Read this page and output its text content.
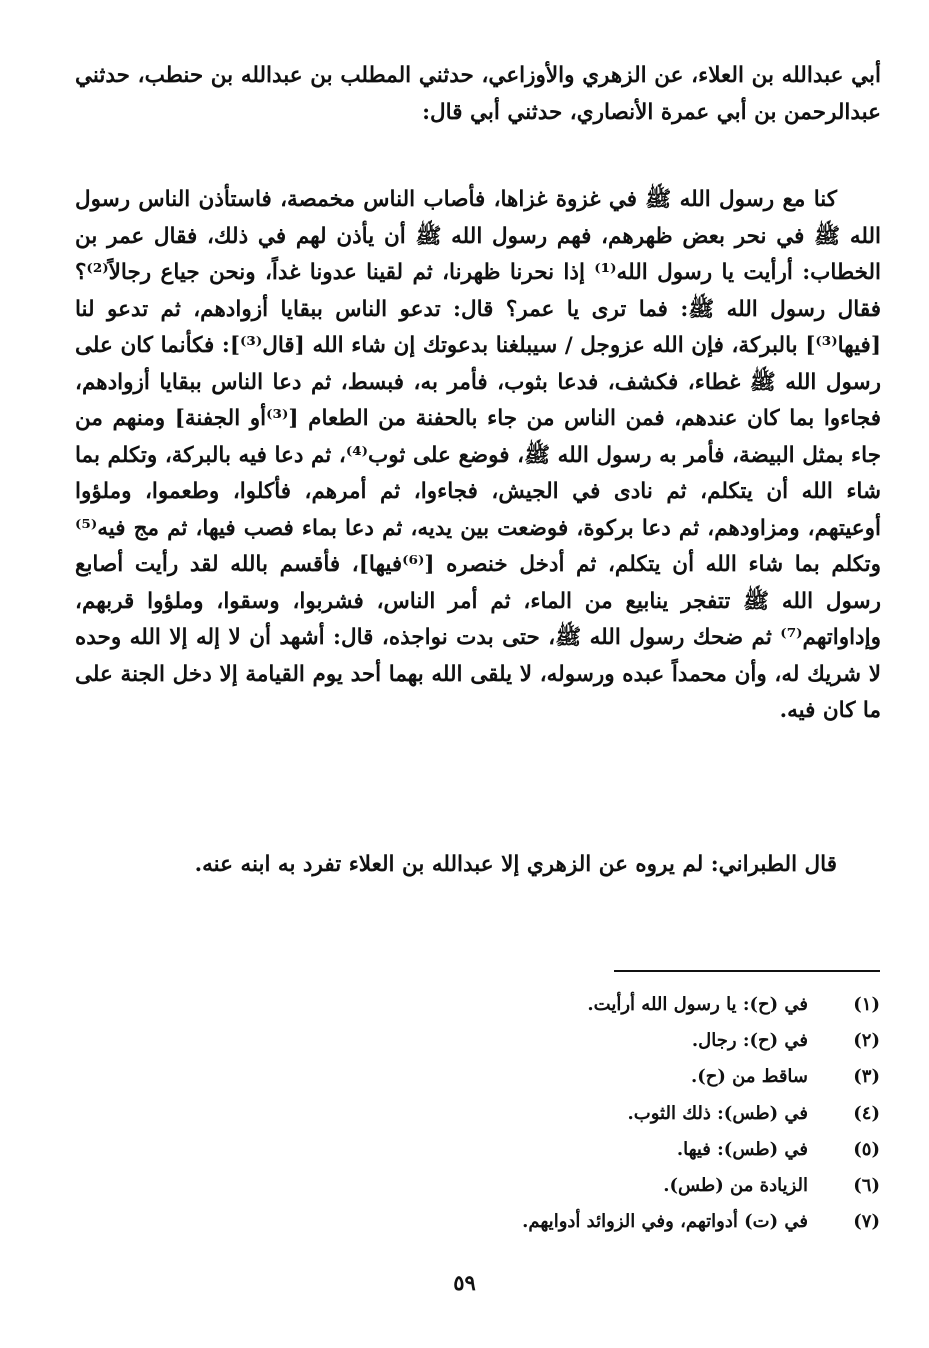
أبي عبدالله بن العلاء، عن الزهري والأوزاعي، حدثني المطلب بن عبدالله بن حنطب، حدثني عبدالرحمن بن أبي عمرة الأنصاري، حدثني أبي قال:

كنا مع رسول الله ﷺ في غزوة غزاها، فأصاب الناس مخمصة، فاستأذن الناس رسول الله ﷺ في نحر بعض ظهرهم، فهم رسول الله ﷺ أن يأذن لهم في ذلك، فقال عمر بن الخطاب: أرأيت يا رسول الله⁽¹⁾ إذا نحرنا ظهرنا، ثم لقينا عدونا غداً، ونحن جياع رجالاً⁽²⁾؟ فقال رسول الله ﷺ: فما ترى يا عمر؟ قال: تدعو الناس ببقايا أزوادهم، ثم تدعو لنا [فيها⁽³⁾] بالبركة، فإن الله عزوجل / سيبلغنا بدعوتك إن شاء الله [قال⁽³⁾]: فكأنما كان على رسول الله ﷺ غطاء، فكشف، فدعا بثوب، فأمر به، فبسط، ثم دعا الناس ببقايا أزوادهم، فجاءوا بما كان عندهم، فمن الناس من جاء بالحفنة من الطعام [⁽³⁾أو الجفنة] ومنهم من جاء بمثل البيضة، فأمر به رسول الله ﷺ، فوضع على ثوب⁽⁴⁾، ثم دعا فيه بالبركة، وتكلم بما شاء الله أن يتكلم، ثم نادى في الجيش، فجاءوا، ثم أمرهم، فأكلوا، وطعموا، وملؤوا أوعيتهم، ومزاودهم، ثم دعا بركوة، فوضعت بين يديه، ثم دعا بماء فصب فيها، ثم مج فيه⁽⁵⁾ وتكلم بما شاء الله أن يتكلم، ثم أدخل خنصره [⁽⁶⁾فيها]، فأقسم بالله لقد رأيت أصابع رسول الله ﷺ تتفجر ينابيع من الماء، ثم أمر الناس، فشربوا، وسقوا، وملؤوا قربهم، وإداواتهم⁽⁷⁾ ثم ضحك رسول الله ﷺ، حتى بدت نواجذه، قال: أشهد أن لا إله إلا الله وحده لا شريك له، وأن محمداً عبده ورسوله، لا يلقى الله بهما أحد يوم القيامة إلا دخل الجنة على ما كان فيه.

قال الطبراني: لم يروه عن الزهري إلا عبدالله بن العلاء تفرد به ابنه عنه.

(١)
في (ح): يا رسول الله أرأيت.
(٢)
في (ح): رجال.
(٣)
ساقط من (ح).
(٤)
في (طس): ذلك الثوب.
(٥)
في (طس): فيها.
(٦)
الزيادة من (طس).
(٧)
في (ت) أدواتهم، وفي الزوائد أدوايهم.
٥٩
